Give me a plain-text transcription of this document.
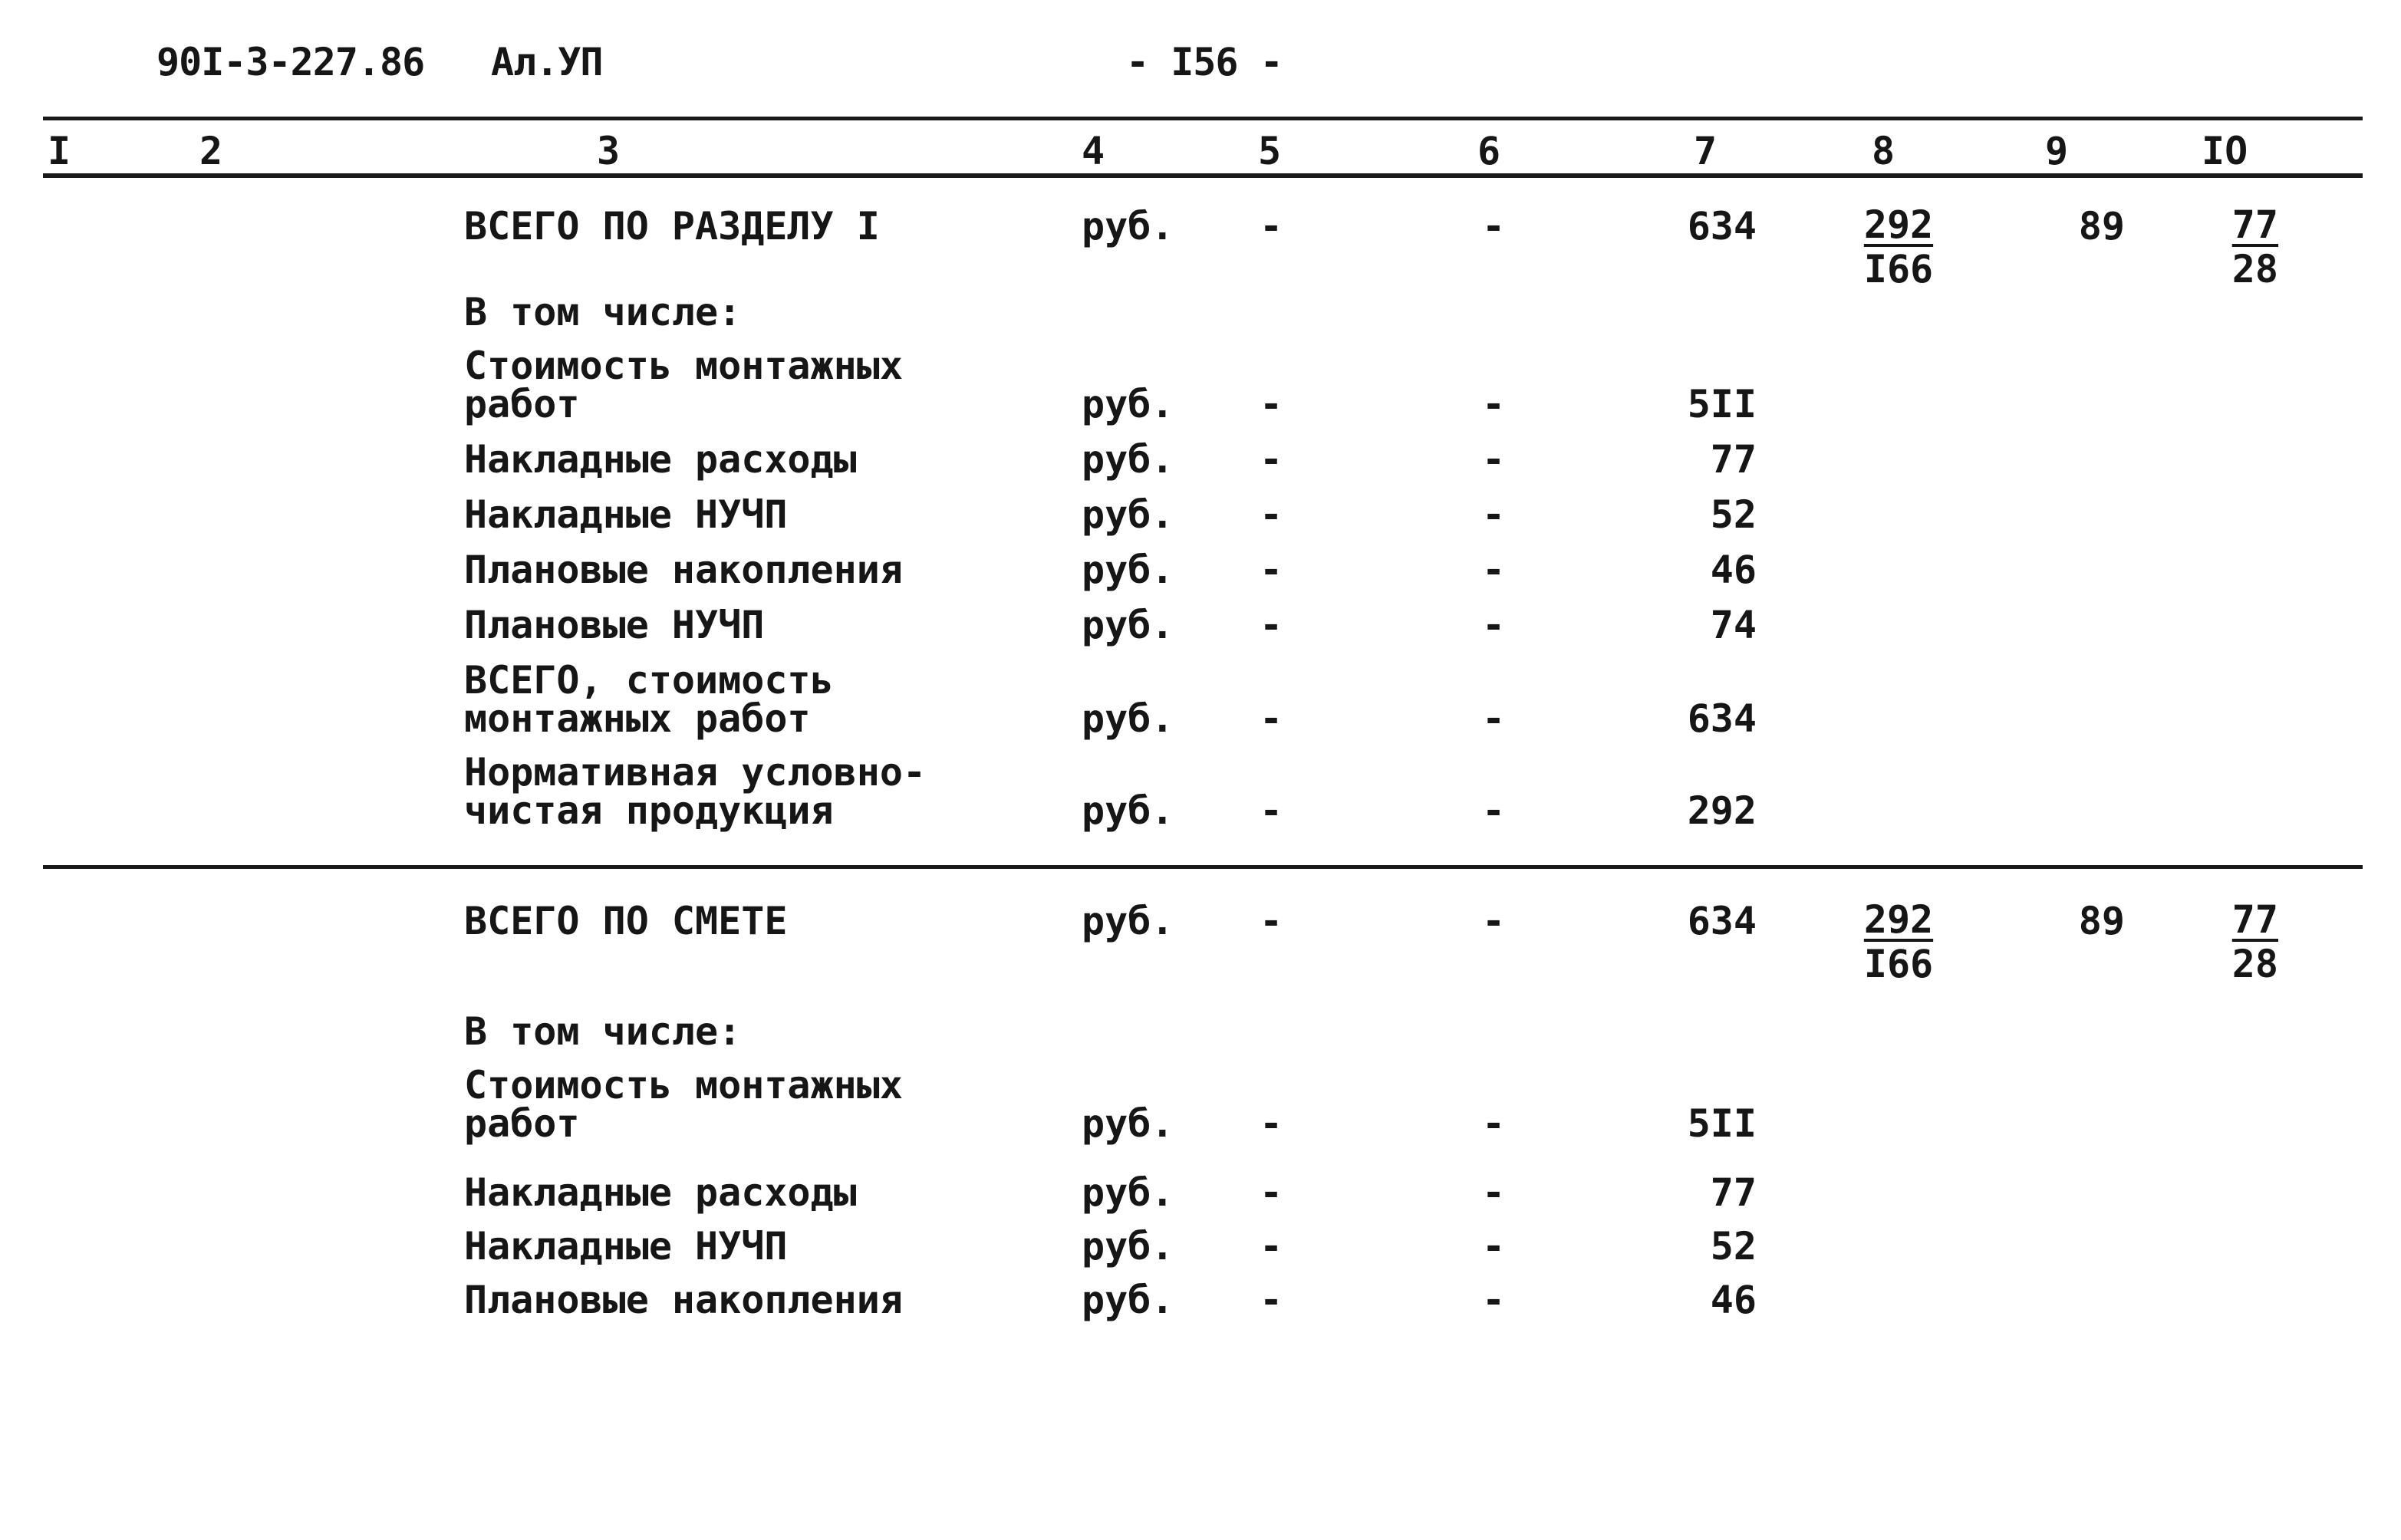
90I-3-227.86 Ал.УП	- I56 -
I	2	3	4	5	6	7	8	9	IO
ВСЕГО ПО РАЗДЕЛУ I	руб. -	-	634	$\frac{292}{I66}$	$89 \frac{77}{28}$
В том числе:
Стоимость монтажных
работ	руб. -	-	5II
Накладные расходы	руб. -	-	77
Накладные НУЧП	руб. -	-	52
Плановые накопления	руб. -	-	46
Плановые НУЧП	руб. -	-	74
ВСЕГО, стоимость
монтажных работ	руб. -	-	634
Нормативная условно-
чистая продукция	руб. -	-	292
ВСЕГО ПО СМЕТЕ	руб. -	-	634	$\frac{292}{I66}$	$89 \frac{77}{28}$
В том числе:
Стоимость монтажных
работ	руб. -	-	5II
Накладные расходы	руб. -	-	77
Накладные НУЧП	руб. -	-	52
Плановые накопления	руб. -	-	46
